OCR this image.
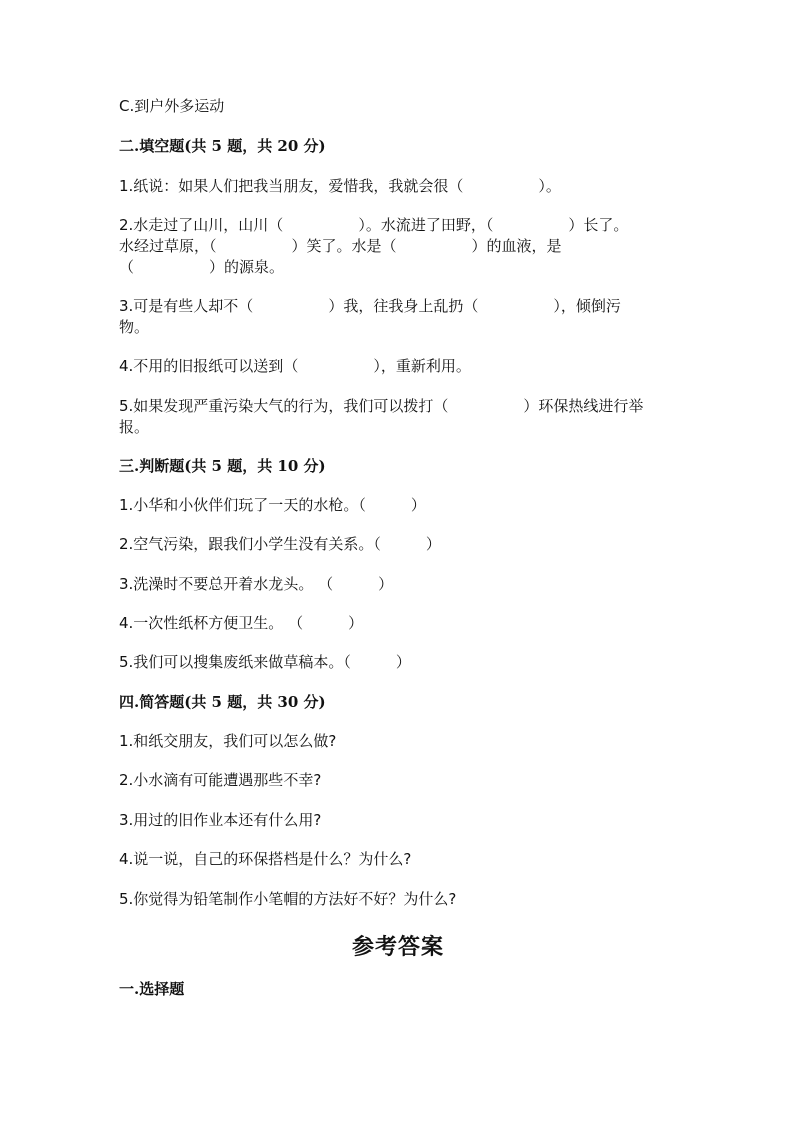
C.到户外多运动
二.填空题(共 5 题，共 20 分)
1.纸说：如果人们把我当朋友，爱惜我，我就会很（　　　　　）。
2.水走过了山川，山川（　　　　　）。水流进了田野，（　　　　　）长了。
水经过草原，（　　　　　）笑了。水是（　　　　　）的血液，是
（　　　　　）的源泉。
3.可是有些人却不（　　　　　）我，往我身上乱扔（　　　　　），倾倒污
物。
4.不用的旧报纸可以送到（　　　　　），重新利用。
5.如果发现严重污染大气的行为，我们可以拨打（　　　　　）环保热线进行举
报。
三.判断题(共 5 题，共 10 分)
1.小华和小伙伴们玩了一天的水枪。（　　　）
2.空气污染，跟我们小学生没有关系。（　　　）
3.洗澡时不要总开着水龙头。 （　　　）
4.一次性纸杯方便卫生。 （　　　）
5.我们可以搜集废纸来做草稿本。（　　　）
四.简答题(共 5 题，共 30 分)
1.和纸交朋友，我们可以怎么做?
2.小水滴有可能遭遇那些不幸?
3.用过的旧作业本还有什么用?
4.说一说，自己的环保搭档是什么？为什么?
5.你觉得为铅笔制作小笔帽的方法好不好？为什么?
参考答案
一.选择题
